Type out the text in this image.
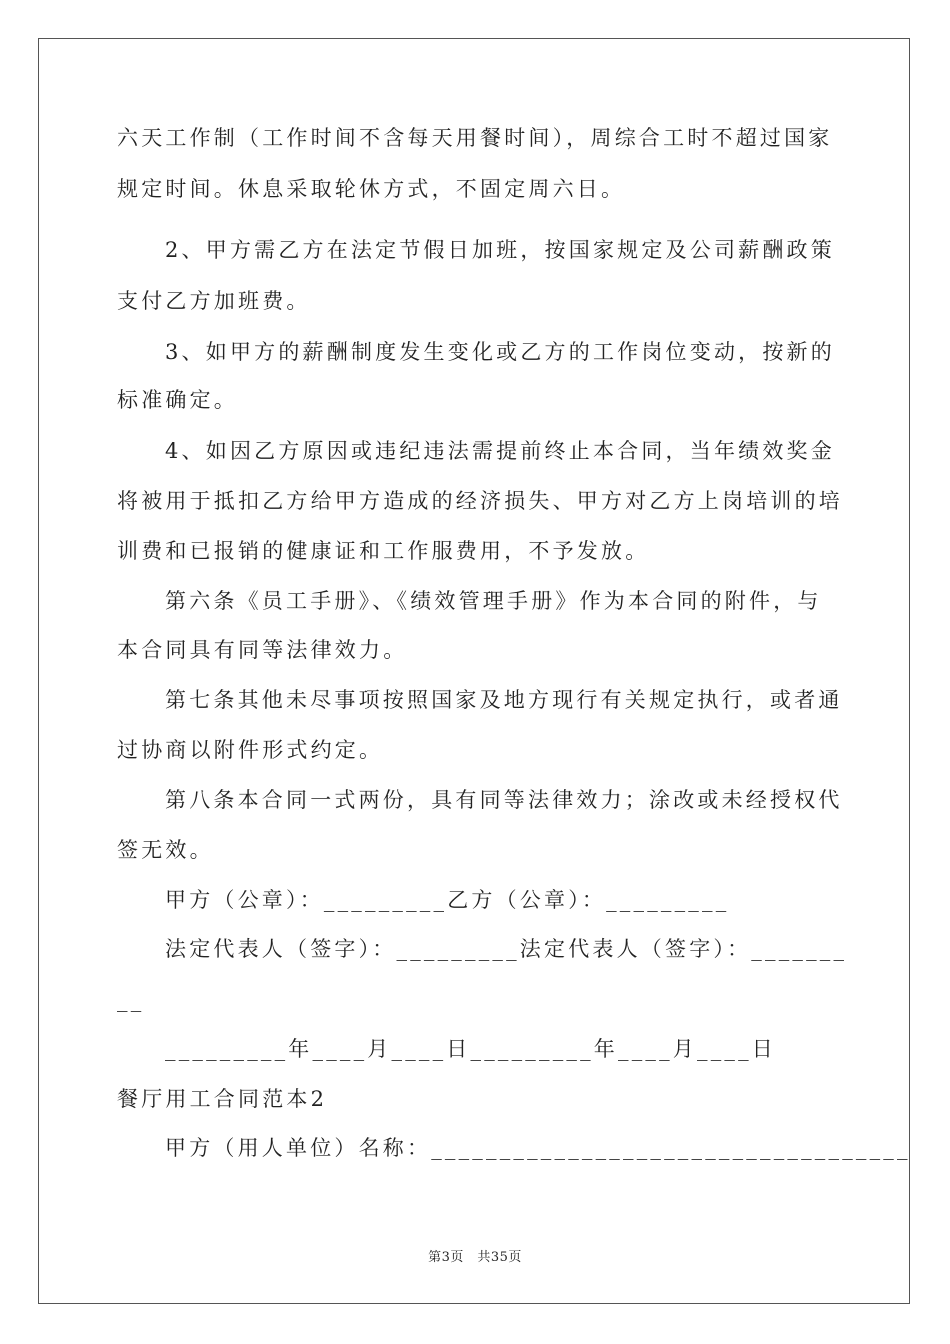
六天工作制（工作时间不含每天用餐时间），周综合工时不超过国家
规定时间。休息采取轮休方式，不固定周六日。
2、甲方需乙方在法定节假日加班，按国家规定及公司薪酬政策
支付乙方加班费。
3、如甲方的薪酬制度发生变化或乙方的工作岗位变动，按新的
标准确定。
4、如因乙方原因或违纪违法需提前终止本合同，当年绩效奖金
将被用于抵扣乙方给甲方造成的经济损失、甲方对乙方上岗培训的培
训费和已报销的健康证和工作服费用，不予发放。
第六条《员工手册》、《绩效管理手册》作为本合同的附件，与
本合同具有同等法律效力。
第七条其他未尽事项按照国家及地方现行有关规定执行，或者通
过协商以附件形式约定。
第八条本合同一式两份，具有同等法律效力；涂改或未经授权代
签无效。
甲方（公章）：_________乙方（公章）：_________
法定代表人（签字）：_________法定代表人（签字）：_______
__
_________年____月____日_________年____月____日
餐厅用工合同范本2
甲方（用人单位）名称：___________________________________
第3页　共35页
